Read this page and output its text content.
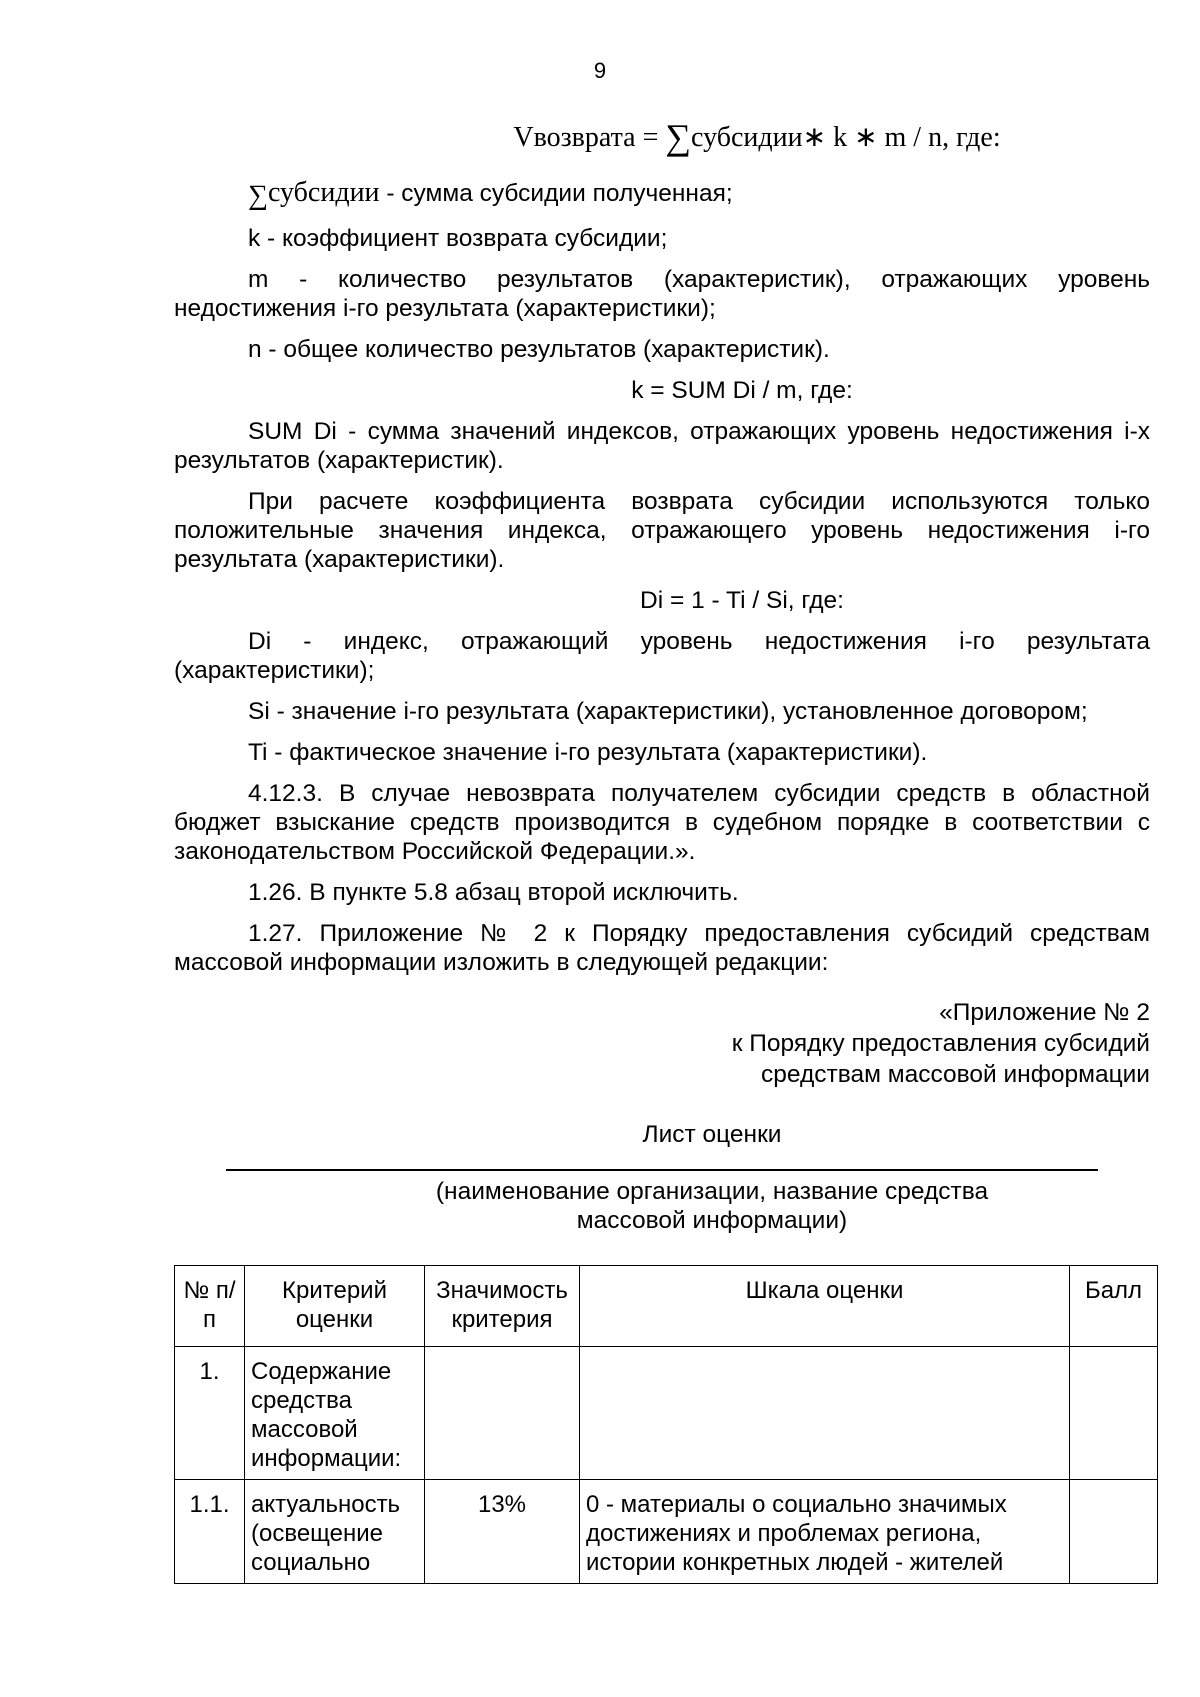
9
Vвозврата = ∑субсидии∗ k ∗ m / n, где:
∑субсидии - сумма субсидии полученная;

k - коэффициент возврата субсидии;

m - количество результатов (характеристик), отражающих уровень недостижения i-го результата (характеристики);

n - общее количество результатов (характеристик).

k = SUM Di / m, где:

SUM Di - сумма значений индексов, отражающих уровень недостижения i-х результатов (характеристик).

При расчете коэффициента возврата субсидии используются только положительные значения индекса, отражающего уровень недостижения i-го результата (характеристики).

Di = 1 - Ti / Si, где:

Di - индекс, отражающий уровень недостижения i-го результата (характеристики);

Si - значение i-го результата (характеристики), установленное договором;

Ti - фактическое значение i-го результата (характеристики).

4.12.3. В случае невозврата получателем субсидии средств в областной бюджет взыскание средств производится в судебном порядке в соответствии с законодательством Российской Федерации.».

1.26. В пункте 5.8 абзац второй исключить.

1.27. Приложение № 2 к Порядку предоставления субсидий средствам массовой информации изложить в следующей редакции:

«Приложение № 2
к Порядку предоставления субсидий
средствам массовой информации
Лист оценки
(наименование организации, название средства
массовой информации)
№ п/п	Критерий оценки	Значимость критерия	Шкала оценки	Балл
1.	Содержание средства массовой информации:			
1.1.	актуальность (освещение социально	13%	0 - материалы о социально значимых достижениях и проблемах региона, истории конкретных людей - жителей	
